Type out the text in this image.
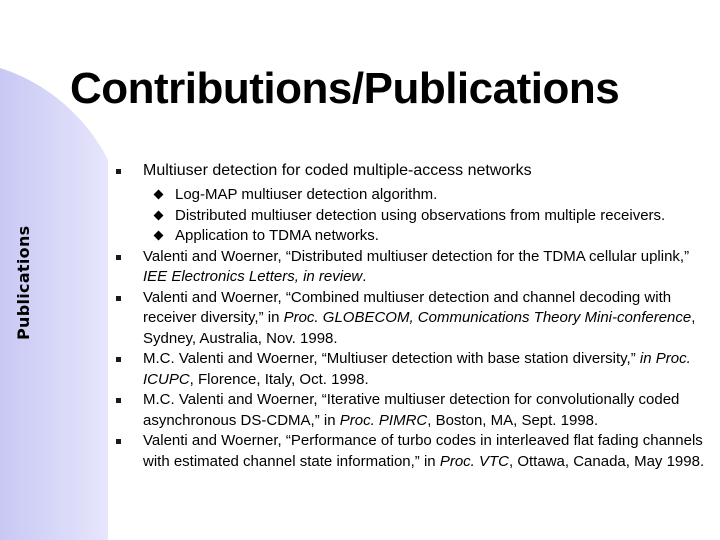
Publications
Contributions/Publications
Multiuser detection for coded multiple-access networks
Log-MAP multiuser detection algorithm.
Distributed multiuser detection using observations from multiple receivers.
Application to TDMA networks.
Valenti and Woerner, “Distributed multiuser detection for the TDMA cellular uplink,” IEE Electronics Letters, in review.
Valenti and Woerner, “Combined multiuser detection and channel decoding with receiver diversity,” in Proc. GLOBECOM, Communications Theory Mini-conference, Sydney, Australia, Nov. 1998.
M.C. Valenti and Woerner, “Multiuser detection with base station diversity,” in Proc. ICUPC, Florence, Italy, Oct. 1998.
M.C. Valenti and Woerner, “Iterative multiuser detection for convolutionally coded asynchronous DS-CDMA,” in Proc. PIMRC, Boston, MA, Sept. 1998.
Valenti and Woerner, “Performance of turbo codes in interleaved flat fading channels with estimated channel state information,” in Proc. VTC, Ottawa, Canada, May 1998.
